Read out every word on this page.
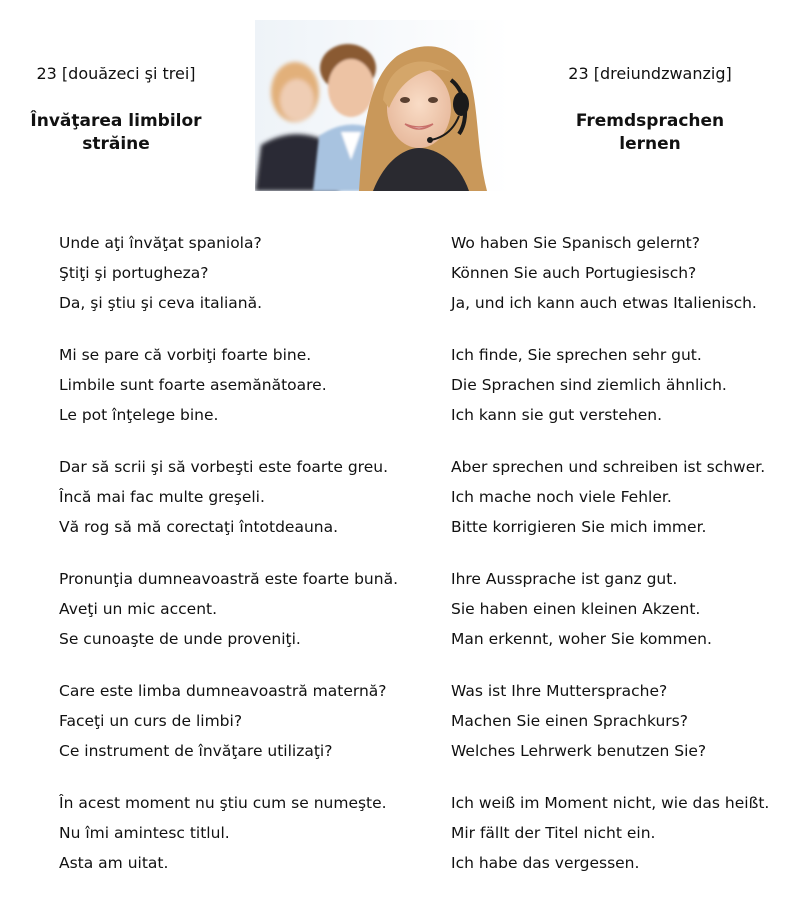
23 [douăzeci şi trei]
Învăţarea limbilor
străine
23 [dreiundzwanzig]
Fremdsprachen
lernen
Unde aţi învăţat spaniola?	Wo haben Sie Spanisch gelernt?
Ştiţi şi portugheza?	Können Sie auch Portugiesisch?
Da, şi ştiu şi ceva italiană.	Ja, und ich kann auch etwas Italienisch.
Mi se pare că vorbiţi foarte bine.	Ich finde, Sie sprechen sehr gut.
Limbile sunt foarte asemănătoare.	Die Sprachen sind ziemlich ähnlich.
Le pot înţelege bine.	Ich kann sie gut verstehen.
Dar să scrii şi să vorbeşti este foarte greu.	Aber sprechen und schreiben ist schwer.
Încă mai fac multe greşeli.	Ich mache noch viele Fehler.
Vă rog să mă corectaţi întotdeauna.	Bitte korrigieren Sie mich immer.
Pronunţia dumneavoastră este foarte bună.	Ihre Aussprache ist ganz gut.
Aveţi un mic accent.	Sie haben einen kleinen Akzent.
Se cunoaşte de unde proveniţi.	Man erkennt, woher Sie kommen.
Care este limba dumneavoastră maternă?	Was ist Ihre Muttersprache?
Faceţi un curs de limbi?	Machen Sie einen Sprachkurs?
Ce instrument de învăţare utilizaţi?	Welches Lehrwerk benutzen Sie?
În acest moment nu ştiu cum se numeşte.	Ich weiß im Moment nicht, wie das heißt.
Nu îmi amintesc titlul.	Mir fällt der Titel nicht ein.
Asta am uitat.	Ich habe das vergessen.
